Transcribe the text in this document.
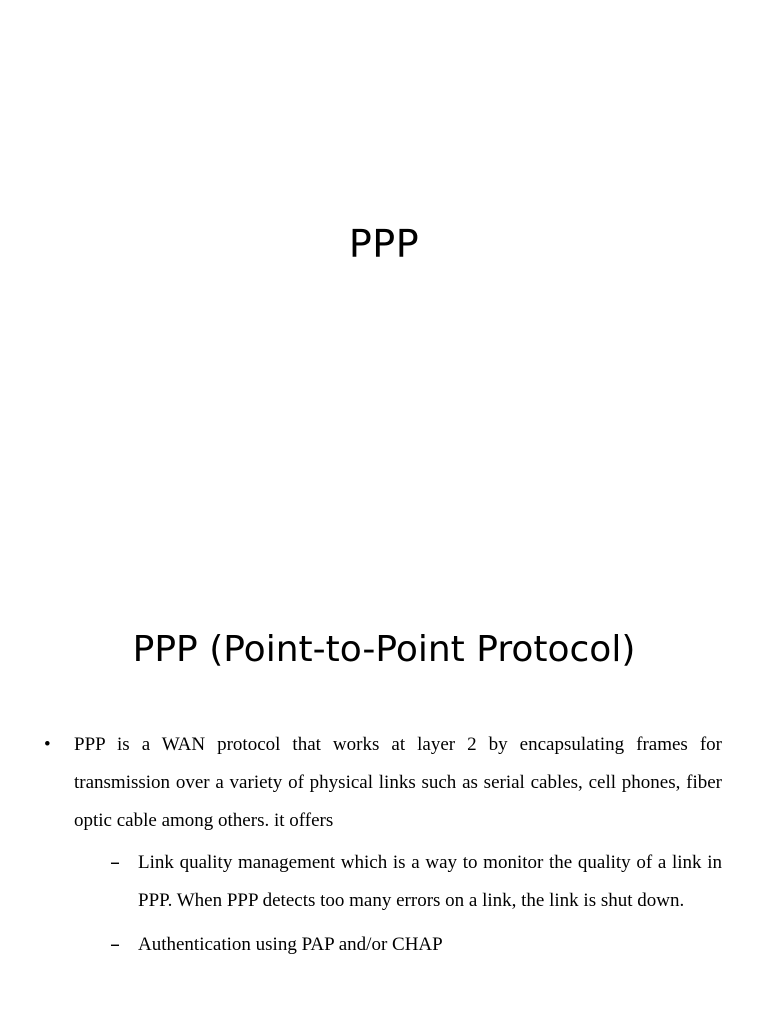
PPP
PPP (Point-to-Point Protocol)
• PPP is a WAN protocol that works at layer 2 by encapsulating frames for transmission over a variety of physical links such as serial cables, cell phones, fiber optic cable among others. it offers
– Link quality management which is a way to monitor the quality of a link in PPP. When PPP detects too many errors on a link, the link is shut down.
– Authentication using PAP and/or CHAP
